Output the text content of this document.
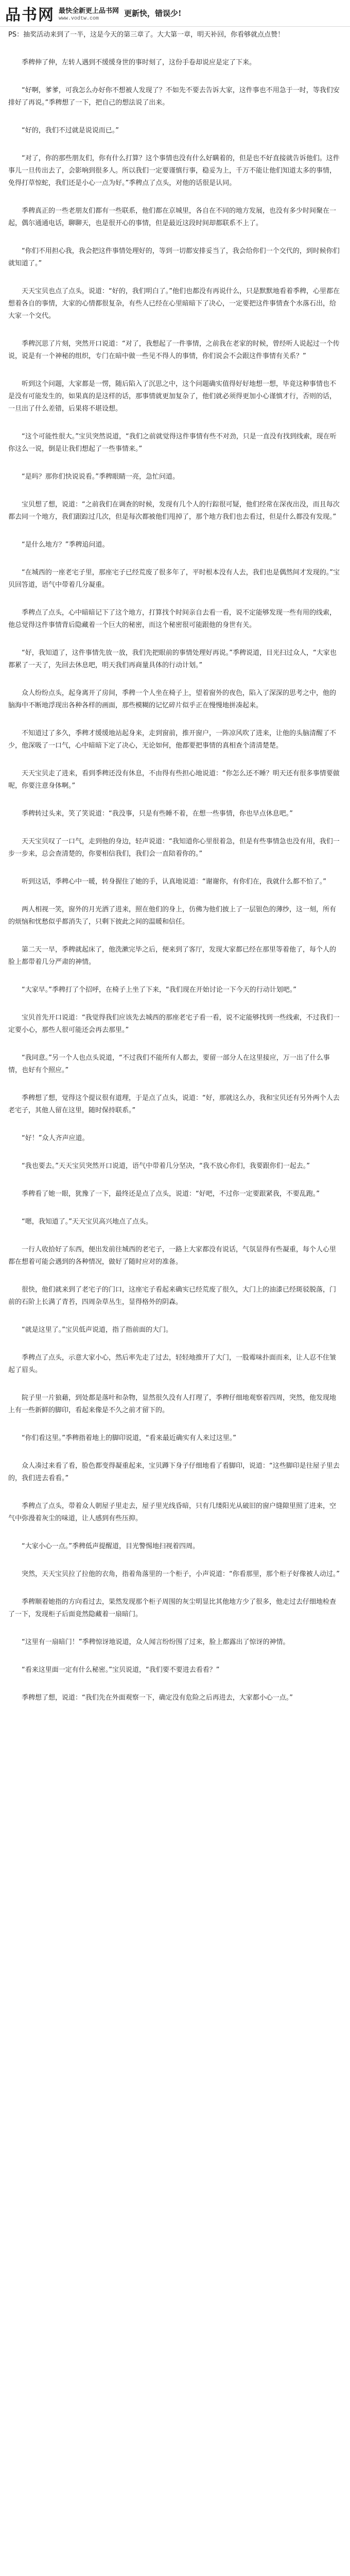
品书网 最快全新更上品书网
www.vodtw.com
更新快，错误少!

PS：抽奖活动来到了一半，这是今天的第三章了。大大第一章，明天补回，你看够就点点赞！

季稗伸了伸，左转人遇到不缓缓身世的事时刻了，这份手卷却说应是定了下来。

“好啊，爹爹，可我怎么办好你不想被人发现了？不如先不要去告诉大家，这件事也不用急于一时，等我们安排好了再说。”季稗想了一下，把自己的想法说了出来。

“好的，我们不过就是说说而已。”

“对了，你的那些朋友们，你有什么打算？这个事情也没有什么好瞒着的，但是也不好直接就告诉他们。这件事儿一旦传出去了，会影响到很多人。所以我们一定要谨慎行事，稳妥为上，千万不能让他们知道太多的事情，免得打草惊蛇，我们还是小心一点为好。”季稗点了点头，对他的话很是认同。

季稗真正的一些老朋友们都有一些联系，他们都在京城里，各自在不同的地方发展，也没有多少时间聚在一起，偶尔通通电话，聊聊天，也是很开心的事情，但是最近这段时间却都联系不上了。

“你们不用担心我，我会把这件事情处理好的，等到一切都安排妥当了，我会给你们一个交代的，到时候你们就知道了。”

天天宝贝也点了点头，说道：“好的，我们明白了。”他们也都没有再说什么，只是默默地看着季稗，心里都在想着各自的事情，大家的心情都很复杂，有些人已经在心里暗暗下了决心，一定要把这件事情查个水落石出，给大家一个交代。

季稗沉思了片刻，突然开口说道：“对了，我想起了一件事情，之前我在老家的时候，曾经听人说起过一个传说，说是有一个神秘的组织，专门在暗中做一些见不得人的事情，你们说会不会跟这件事情有关系？”

听到这个问题，大家都是一愣，随后陷入了沉思之中，这个问题确实值得好好地想一想，毕竟这种事情也不是没有可能发生的，如果真的是这样的话，那事情就更加复杂了，他们就必须得更加小心谨慎才行，否则的话，一旦出了什么差错，后果将不堪设想。

“这个可能性很大。”宝贝突然说道，“我们之前就觉得这件事情有些不对劲，只是一直没有找到线索，现在听你这么一说，倒是让我们想起了一些事情来。”

“是吗？那你们快说说看。”季稗眼睛一亮，急忙问道。

宝贝想了想，说道：“之前我们在调查的时候，发现有几个人的行踪很可疑，他们经常在深夜出没，而且每次都去同一个地方，我们跟踪过几次，但是每次都被他们甩掉了，那个地方我们也去看过，但是什么都没有发现。”

“是什么地方？”季稗追问道。

“在城西的一座老宅子里，那座宅子已经荒废了很多年了，平时根本没有人去，我们也是偶然间才发现的。”宝贝回答道，语气中带着几分凝重。

季稗点了点头，心中暗暗记下了这个地方，打算找个时间亲自去看一看，说不定能够发现一些有用的线索，他总觉得这件事情背后隐藏着一个巨大的秘密，而这个秘密很可能跟他的身世有关。

“好，我知道了，这件事情先放一放，我们先把眼前的事情处理好再说。”季稗说道，目光扫过众人，“大家也都累了一天了，先回去休息吧，明天我们再商量具体的行动计划。”

众人纷纷点头，起身离开了房间，季稗一个人坐在椅子上，望着窗外的夜色，陷入了深深的思考之中，他的脑海中不断地浮现出各种各样的画面，那些模糊的记忆碎片似乎正在慢慢地拼凑起来。

不知道过了多久，季稗才缓缓地站起身来，走到窗前，推开窗户，一阵凉风吹了进来，让他的头脑清醒了不少，他深吸了一口气，心中暗暗下定了决心，无论如何，他都要把事情的真相查个清清楚楚。

天天宝贝走了进来，看到季稗还没有休息，不由得有些担心地说道：“你怎么还不睡？明天还有很多事情要做呢，你要注意身体啊。”

季稗转过头来，笑了笑说道：“我没事，只是有些睡不着，在想一些事情，你也早点休息吧。”

天天宝贝叹了一口气，走到他的身边，轻声说道：“我知道你心里很着急，但是有些事情急也没有用，我们一步一步来，总会查清楚的，你要相信我们，我们会一直陪着你的。”

听到这话，季稗心中一暖，转身握住了她的手，认真地说道：“谢谢你，有你们在，我就什么都不怕了。”

两人相视一笑，窗外的月光洒了进来，照在他们的身上，仿佛为他们披上了一层银色的薄纱，这一刻，所有的烦恼和忧愁似乎都消失了，只剩下彼此之间的温暖和信任。

第二天一早，季稗就起床了，他洗漱完毕之后，便来到了客厅，发现大家都已经在那里等着他了，每个人的脸上都带着几分严肃的神情。

“大家早。”季稗打了个招呼，在椅子上坐了下来，“我们现在开始讨论一下今天的行动计划吧。”

宝贝首先开口说道：“我觉得我们应该先去城西的那座老宅子看一看，说不定能够找到一些线索，不过我们一定要小心，那些人很可能还会再去那里。”

“我同意。”另一个人也点头说道，“不过我们不能所有人都去，要留一部分人在这里接应，万一出了什么事情，也好有个照应。”

季稗想了想，觉得这个提议很有道理，于是点了点头，说道：“好，那就这么办，我和宝贝还有另外两个人去老宅子，其他人留在这里，随时保持联系。”

“好！”众人齐声应道。

“我也要去。”天天宝贝突然开口说道，语气中带着几分坚决，“我不放心你们，我要跟你们一起去。”

季稗看了她一眼，犹豫了一下，最终还是点了点头，说道：“好吧，不过你一定要跟紧我，不要乱跑。”

“嗯，我知道了。”天天宝贝高兴地点了点头。

一行人收拾好了东西，便出发前往城西的老宅子，一路上大家都没有说话，气氛显得有些凝重，每个人心里都在想着可能会遇到的各种情况，做好了随时应对的准备。

很快，他们就来到了老宅子的门口，这座宅子看起来确实已经荒废了很久，大门上的油漆已经斑驳脱落，门前的石阶上长满了青苔，四周杂草丛生，显得格外的阴森。

“就是这里了。”宝贝低声说道，指了指前面的大门。

季稗点了点头，示意大家小心，然后率先走了过去，轻轻地推开了大门，一股霉味扑面而来，让人忍不住皱起了眉头。

院子里一片狼藉，到处都是落叶和杂物，显然很久没有人打理了，季稗仔细地观察着四周，突然，他发现地上有一些新鲜的脚印，看起来像是不久之前才留下的。

“你们看这里。”季稗指着地上的脚印说道，“看来最近确实有人来过这里。”

众人凑过来看了看，脸色都变得凝重起来，宝贝蹲下身子仔细地看了看脚印，说道：“这些脚印是往屋子里去的，我们进去看看。”

季稗点了点头，带着众人朝屋子里走去，屋子里光线昏暗，只有几缕阳光从破旧的窗户缝隙里照了进来，空气中弥漫着灰尘的味道，让人感到有些压抑。

“大家小心一点。”季稗低声提醒道，目光警惕地扫视着四周。

突然，天天宝贝拉了拉他的衣角，指着角落里的一个柜子，小声说道：“你看那里，那个柜子好像被人动过。”

季稗顺着她指的方向看过去，果然发现那个柜子周围的灰尘明显比其他地方少了很多，他走过去仔细地检查了一下，发现柜子后面竟然隐藏着一扇暗门。

“这里有一扇暗门！”季稗惊讶地说道，众人闻言纷纷围了过来，脸上都露出了惊讶的神情。

“看来这里面一定有什么秘密。”宝贝说道，“我们要不要进去看看？”

季稗想了想，说道：“我们先在外面观察一下，确定没有危险之后再进去，大家都小心一点。”
